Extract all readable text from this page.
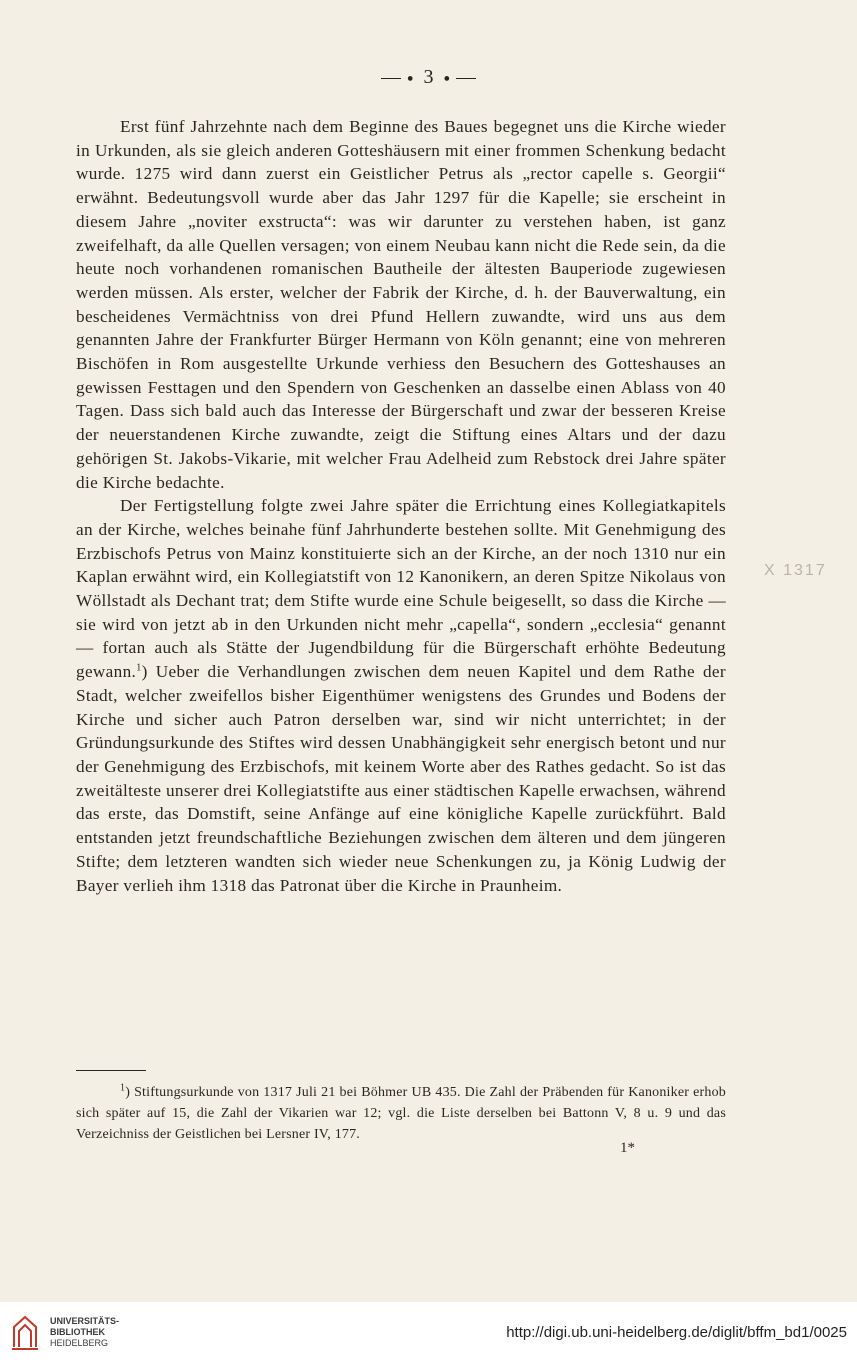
● 3 ●

Erst fünf Jahrzehnte nach dem Beginne des Baues begegnet uns die Kirche wieder in Urkunden, als sie gleich anderen Gotteshäusern mit einer frommen Schenkung bedacht wurde. 1275 wird dann zuerst ein Geistlicher Petrus als „rector capelle s. Georgii“ erwähnt. Bedeutungsvoll wurde aber das Jahr 1297 für die Kapelle; sie erscheint in diesem Jahre „noviter exstructa“: was wir darunter zu verstehen haben, ist ganz zweifelhaft, da alle Quellen versagen; von einem Neubau kann nicht die Rede sein, da die heute noch vorhandenen romanischen Bautheile der ältesten Bauperiode zugewiesen werden müssen. Als erster, welcher der Fabrik der Kirche, d. h. der Bauverwaltung, ein bescheidenes Vermächtniss von drei Pfund Hellern zuwandte, wird uns aus dem genannten Jahre der Frankfurter Bürger Hermann von Köln genannt; eine von mehreren Bischöfen in Rom ausgestellte Urkunde verhiess den Besuchern des Gotteshauses an gewissen Festtagen und den Spendern von Geschenken an dasselbe einen Ablass von 40 Tagen. Dass sich bald auch das Interesse der Bürgerschaft und zwar der besseren Kreise der neuerstandenen Kirche zuwandte, zeigt die Stiftung eines Altars und der dazu gehörigen St. Jakobs-Vikarie, mit welcher Frau Adelheid zum Rebstock drei Jahre später die Kirche bedachte.

Der Fertigstellung folgte zwei Jahre später die Errichtung eines Kollegiatkapitels an der Kirche, welches beinahe fünf Jahrhunderte bestehen sollte. Mit Genehmigung des Erzbischofs Petrus von Mainz konstituierte sich an der Kirche, an der noch 1310 nur ein Kaplan erwähnt wird, ein Kollegiatstift von 12 Kanonikern, an deren Spitze Nikolaus von Wöllstadt als Dechant trat; dem Stifte wurde eine Schule beigesellt, so dass die Kirche — sie wird von jetzt ab in den Urkunden nicht mehr „capella“, sondern „ecclesia“ genannt — fortan auch als Stätte der Jugendbildung für die Bürgerschaft erhöhte Bedeutung gewann.$^1$) Ueber die Verhandlungen zwischen dem neuen Kapitel und dem Rathe der Stadt, welcher zweifellos bisher Eigenthümer wenigstens des Grundes und Bodens der Kirche und sicher auch Patron derselben war, sind wir nicht unterrichtet; in der Gründungsurkunde des Stiftes wird dessen Unabhängigkeit sehr energisch betont und nur der Genehmigung des Erzbischofs, mit keinem Worte aber des Rathes gedacht. So ist das zweitälteste unserer drei Kollegiatstifte aus einer städtischen Kapelle erwachsen, während das erste, das Domstift, seine Anfänge auf eine königliche Kapelle zurückführt. Bald entstanden jetzt freundschaftliche Beziehungen zwischen dem älteren und dem jüngeren Stifte; dem letzteren wandten sich wieder neue Schenkungen zu, ja König Ludwig der Bayer verlieh ihm 1318 das Patronat über die Kirche in Praunheim.

X 1317

$^1$) Stiftungsurkunde von 1317 Juli 21 bei Böhmer UB 435. Die Zahl der Präbenden für Kanoniker erhob sich später auf 15, die Zahl der Vikarien war 12; vgl. die Liste derselben bei Battonn V, 8 u. 9 und das Verzeichniss der Geistlichen bei Lersner IV, 177.

1*
UNIVERSITÄTS-
BIBLIOTHEK
HEIDELBERG
http://digi.ub.uni-heidelberg.de/diglit/bffm_bd1/0025
